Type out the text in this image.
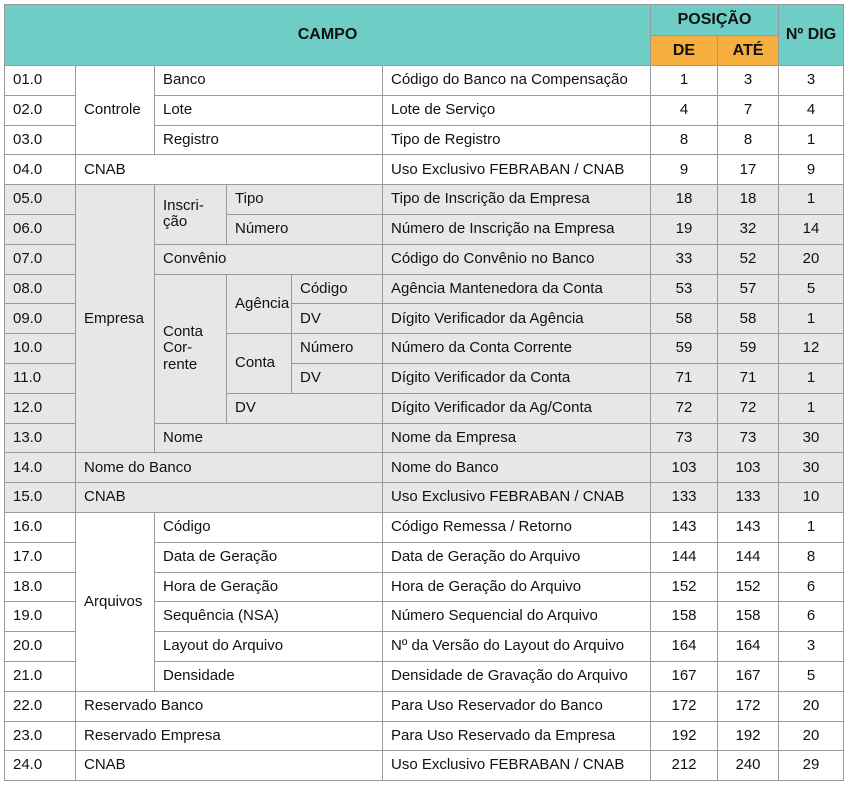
CAMPO						POSIÇÃO		Nº DIG
						DE	ATÉ	
01.0	Controle	Banco			Código do Banco na Compensação	1	3	3
02.0		Lote			Lote de Serviço	4	7	4
03.0		Registro			Tipo de Registro	8	8	1
04.0	CNAB				Uso Exclusivo FEBRABAN / CNAB	9	17	9
05.0	Empresa	Inscri- ção	Tipo		Tipo de Inscrição da Empresa	18	18	1
06.0			Número		Número de Inscrição na Empresa	19	32	14
07.0		Convênio			Código do Convênio no Banco	33	52	20
08.0		Conta Cor- rente	Agência	Código	Agência Mantenedora da Conta	53	57	5
09.0				DV	Dígito Verificador da Agência	58	58	1
10.0			Conta	Número	Número da Conta Corrente	59	59	12
11.0				DV	Dígito Verificador da Conta	71	71	1
12.0			DV		Dígito Verificador da Ag/Conta	72	72	1
13.0		Nome			Nome da Empresa	73	73	30
14.0	Nome do Banco				Nome do Banco	103	103	30
15.0	CNAB				Uso Exclusivo FEBRABAN / CNAB	133	133	10
16.0	Arquivos	Código			Código Remessa / Retorno	143	143	1
17.0		Data de Geração			Data de Geração do Arquivo	144	144	8
18.0		Hora de Geração			Hora de Geração do Arquivo	152	152	6
19.0		Sequência (NSA)			Número Sequencial do Arquivo	158	158	6
20.0		Layout do Arquivo			Nº da Versão do Layout do Arquivo	164	164	3
21.0		Densidade			Densidade de Gravação do Arquivo	167	167	5
22.0	Reservado Banco				Para Uso Reservador do Banco	172	172	20
23.0	Reservado Empresa				Para Uso Reservado da Empresa	192	192	20
24.0	CNAB				Uso Exclusivo FEBRABAN / CNAB	212	240	29
